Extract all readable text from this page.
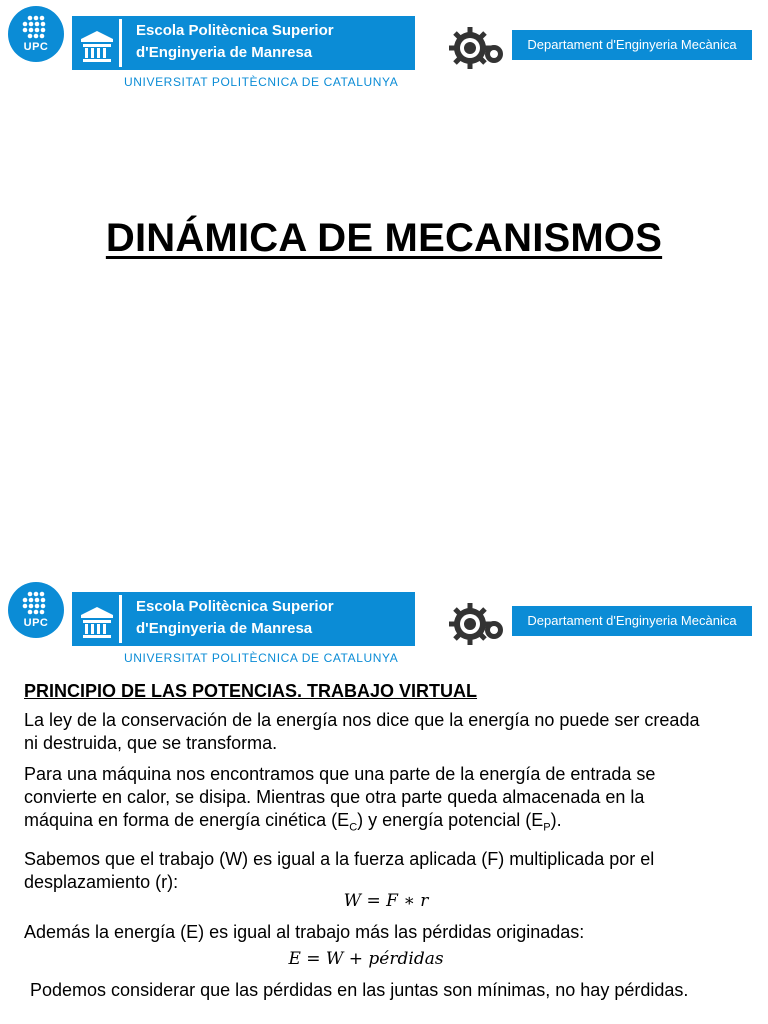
UPC
Escola Politècnica Superior
d'Enginyeria de Manresa
UNIVERSITAT POLITÈCNICA DE CATALUNYA
Departament d'Enginyeria Mecànica
DINÁMICA DE MECANISMOS
UPC
Escola Politècnica Superior
d'Enginyeria de Manresa
UNIVERSITAT POLITÈCNICA DE CATALUNYA
Departament d'Enginyeria Mecànica
PRINCIPIO DE LAS POTENCIAS. TRABAJO VIRTUAL

La ley de la conservación de la energía nos dice que la energía no puede ser creada ni destruida, que se transforma.

Para una máquina nos encontramos que una parte de la energía de entrada se convierte en calor, se disipa. Mientras que otra parte queda almacenada en la máquina en forma de energía cinética $(E_C)$ y energía potencial $(E_P)$.

Sabemos que el trabajo (W) es igual a la fuerza aplicada (F) multiplicada por el desplazamiento (r):

W = F ∗ r

Además la energía (E) es igual al trabajo más las pérdidas originadas:

E = W + pérdidas

Podemos considerar que las pérdidas en las juntas son mínimas, no hay pérdidas.
